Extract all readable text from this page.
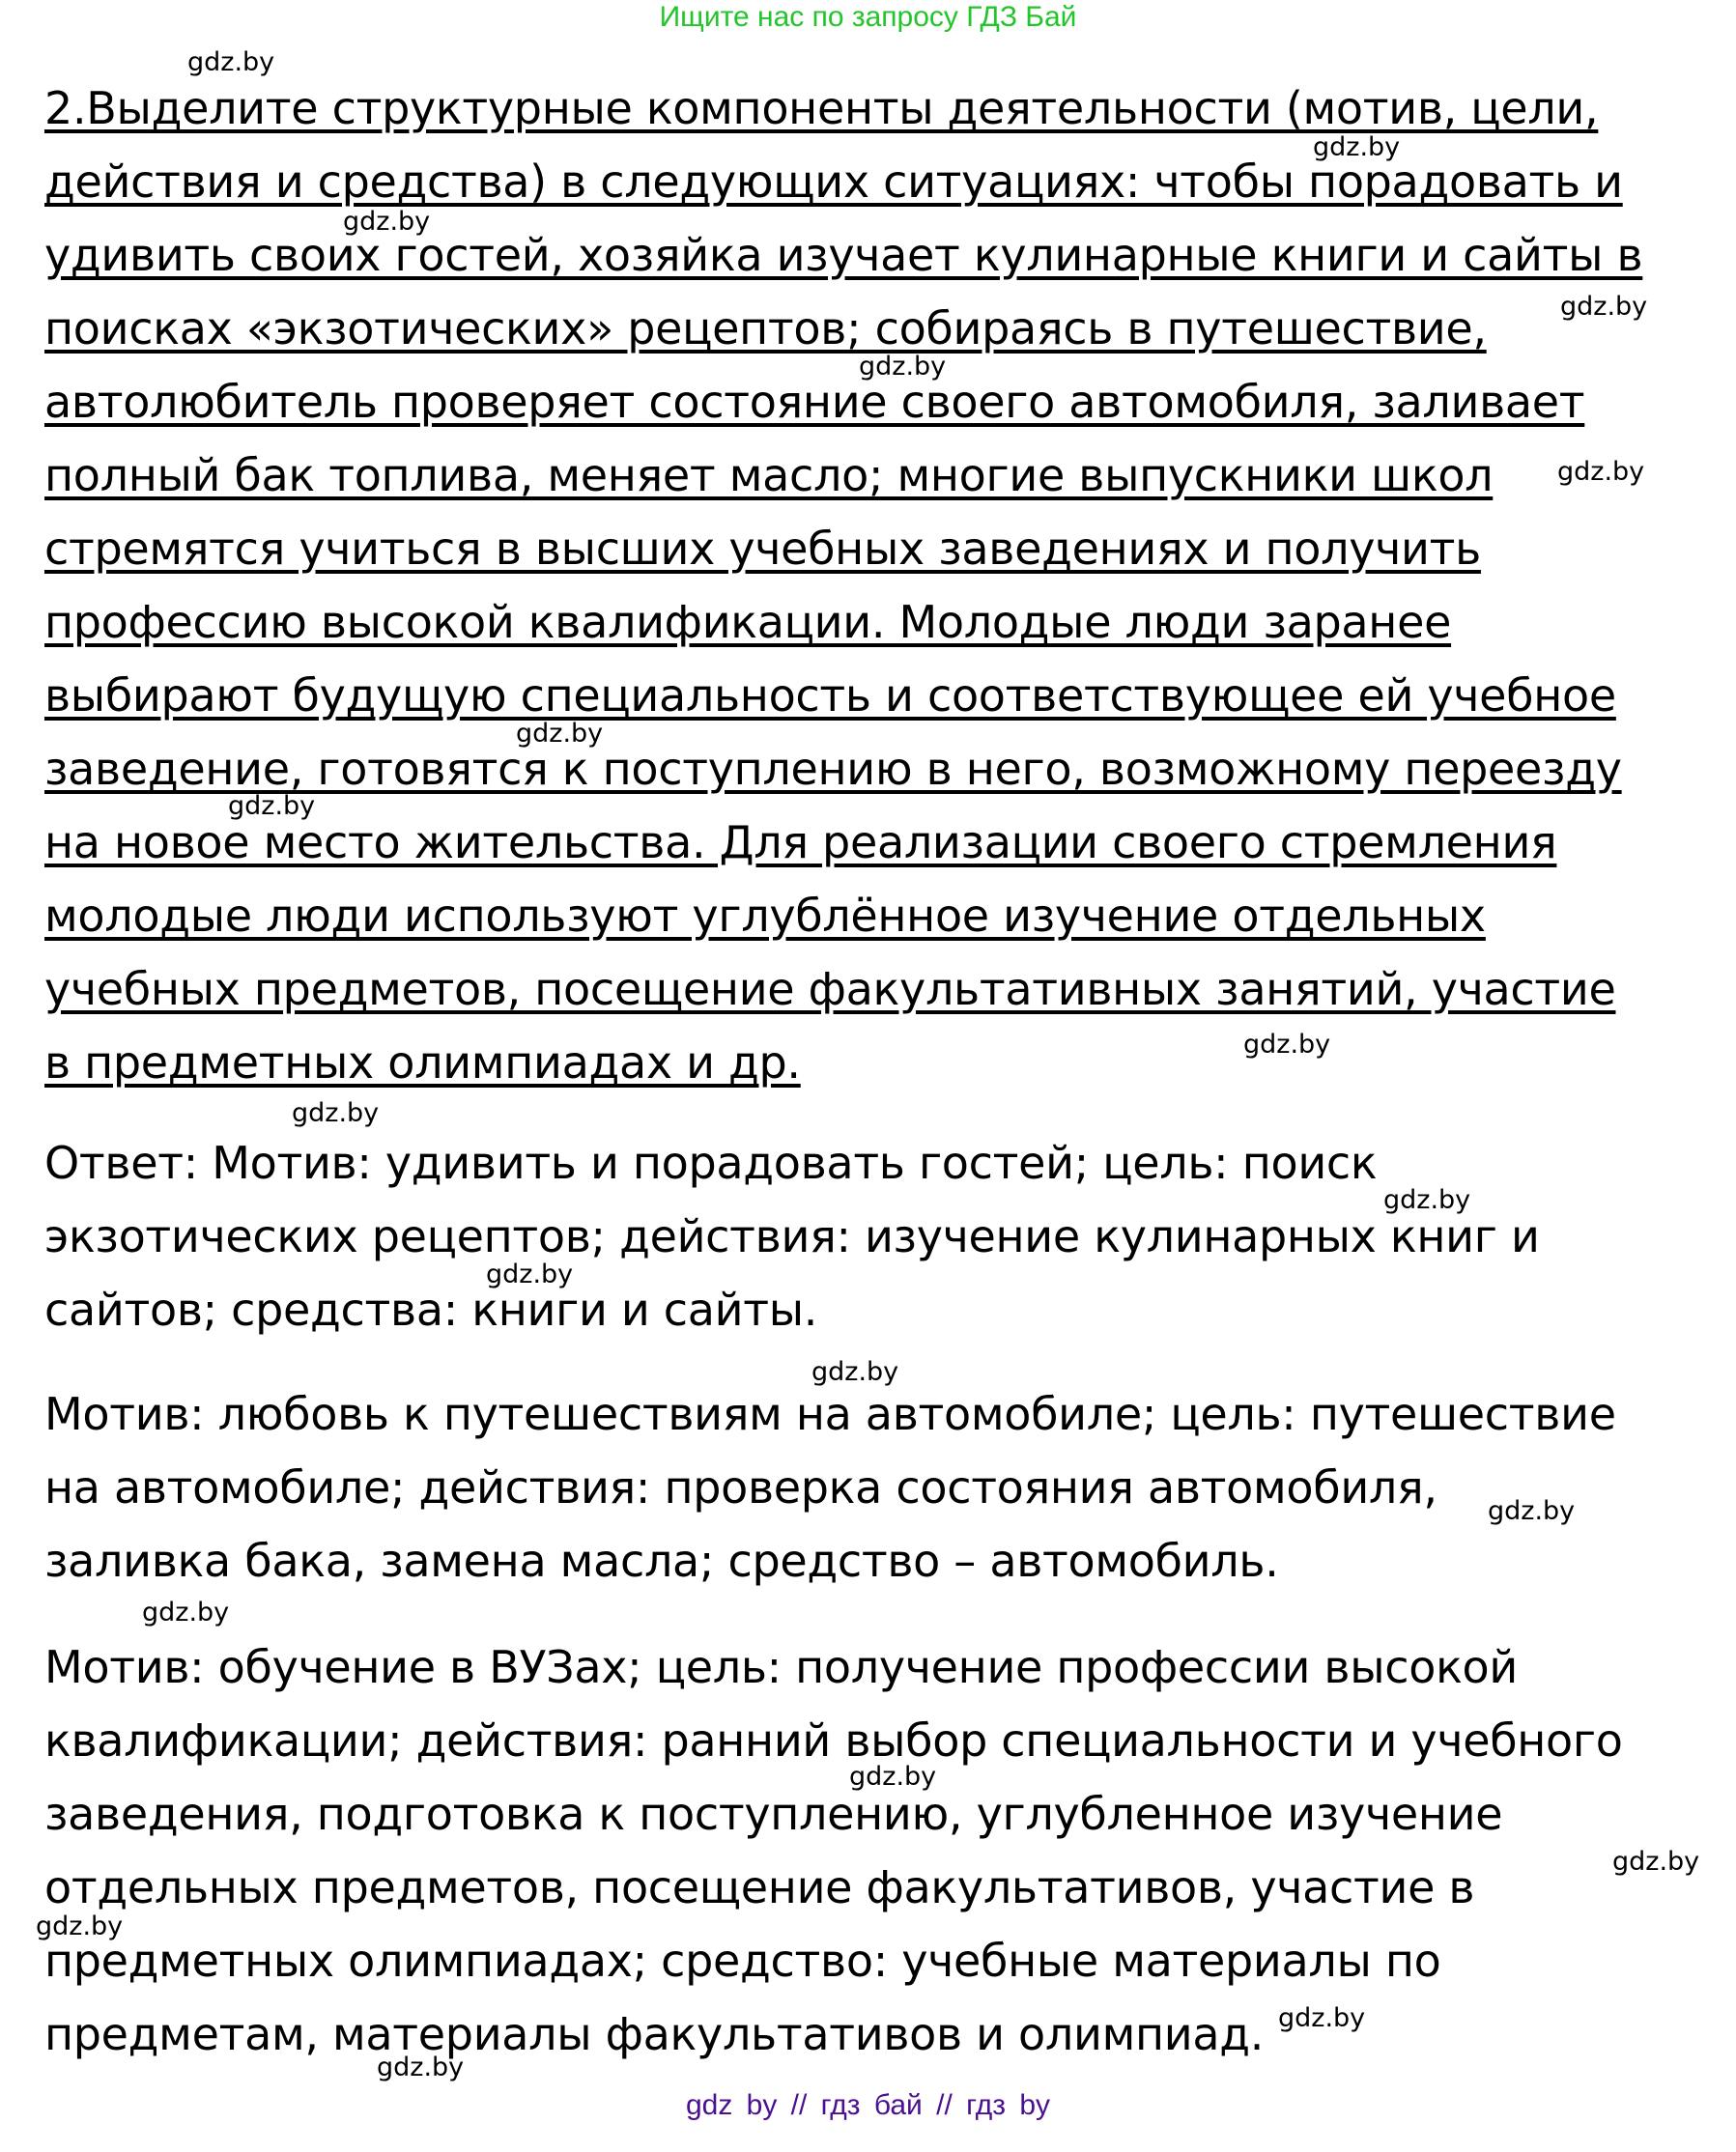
Ищите нас по запросу ГДЗ Бай
2.Выделите структурные компоненты деятельности (мотив, цели,
действия и средства) в следующих ситуациях: чтобы порадовать и
удивить своих гостей, хозяйка изучает кулинарные книги и сайты в
поисках «экзотических» рецептов; собираясь в путешествие,
автолюбитель проверяет состояние своего автомобиля, заливает
полный бак топлива, меняет масло; многие выпускники школ
стремятся учиться в высших учебных заведениях и получить
профессию высокой квалификации. Молодые люди заранее
выбирают будущую специальность и соответствующее ей учебное
заведение, готовятся к поступлению в него, возможному переезду
на новое место жительства. Для реализации своего стремления
молодые люди используют углублённое изучение отдельных
учебных предметов, посещение факультативных занятий, участие
в предметных олимпиадах и др.
Ответ: Мотив: удивить и порадовать гостей; цель: поиск
экзотических рецептов; действия: изучение кулинарных книг и
сайтов; средства: книги и сайты.
Мотив: любовь к путешествиям на автомобиле; цель: путешествие
на автомобиле; действия: проверка состояния автомобиля,
заливка бака, замена масла; средство – автомобиль.
Мотив: обучение в ВУЗах; цель: получение профессии высокой
квалификации; действия: ранний выбор специальности и учебного
заведения, подготовка к поступлению, углубленное изучение
отдельных предметов, посещение факультативов, участие в
предметных олимпиадах; средство: учебные материалы по
предметам, материалы факультативов и олимпиад.
gdz.by
gdz.by
gdz.by
gdz.by
gdz.by
gdz.by
gdz.by
gdz.by
gdz.by
gdz.by
gdz.by
gdz.by
gdz.by
gdz.by
gdz.by
gdz.by
gdz.by
gdz.by
gdz.by
gdz.by
gdz by // гдз бай // гдз by
